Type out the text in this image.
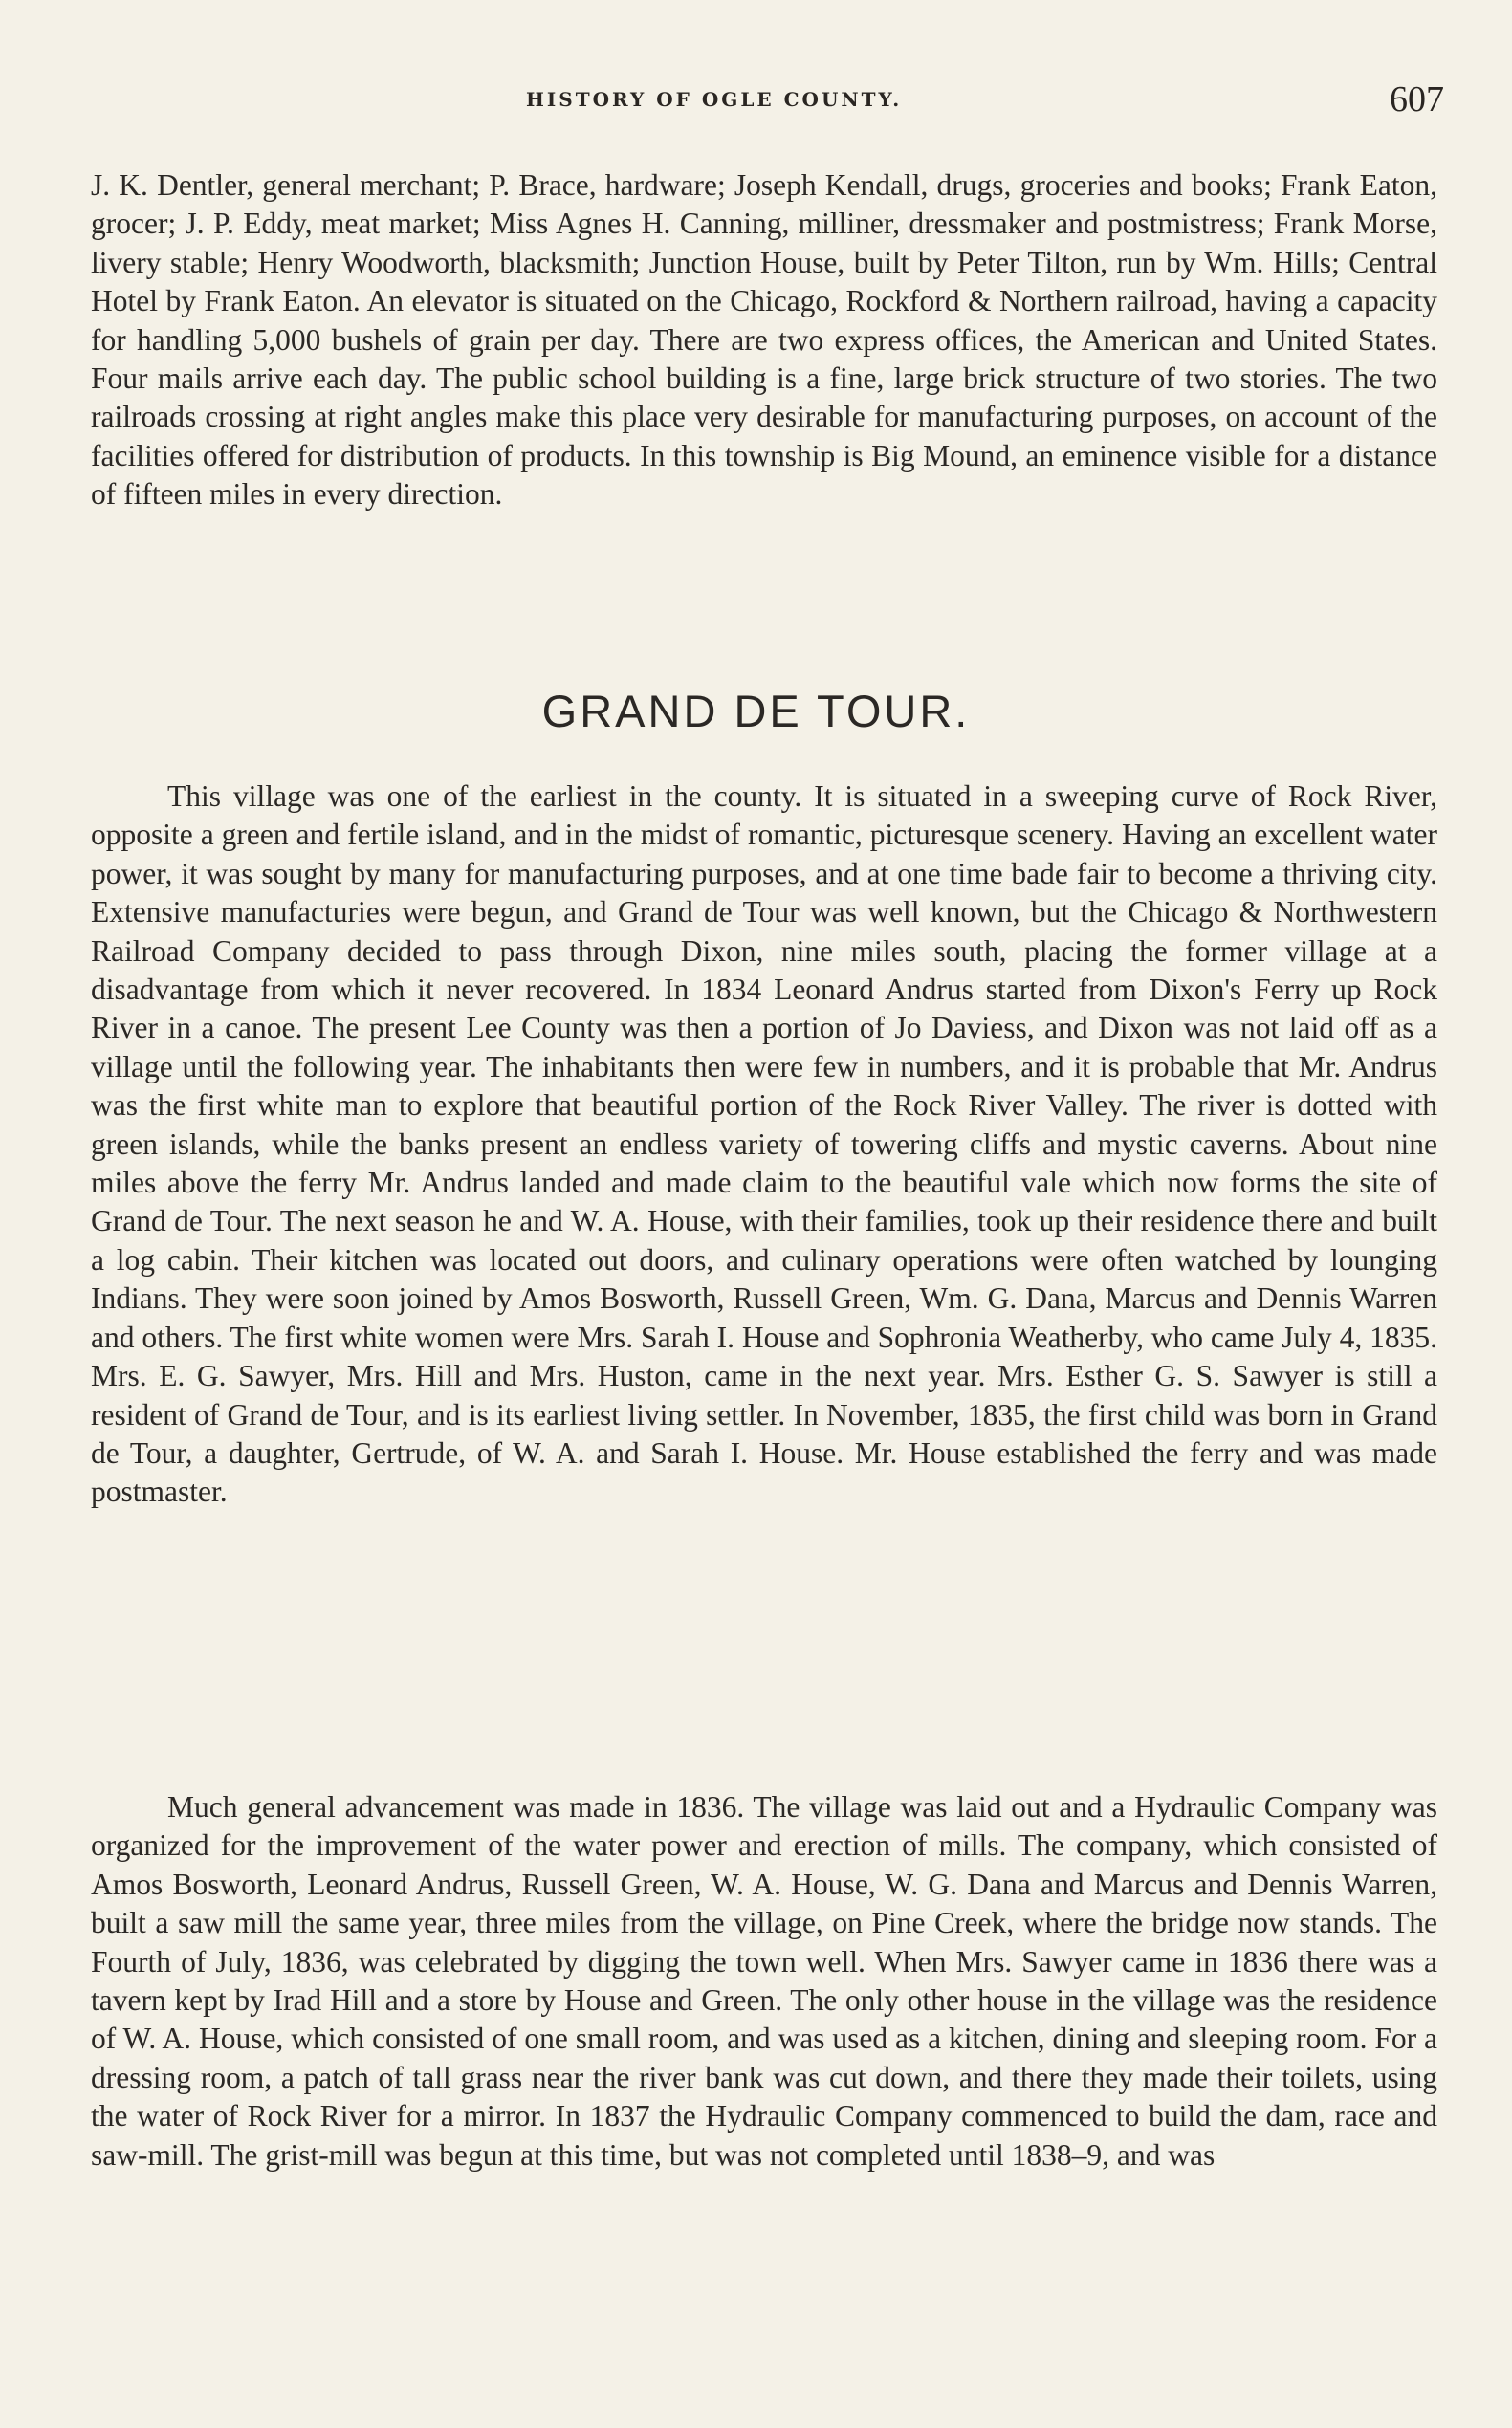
HISTORY OF OGLE COUNTY.	607

J. K. Dentler, general merchant; P. Brace, hardware; Joseph Kendall, drugs, groceries and books; Frank Eaton, grocer; J. P. Eddy, meat market; Miss Agnes H. Canning, milliner, dressmaker and postmistress; Frank Morse, livery stable; Henry Woodworth, blacksmith; Junction House, built by Peter Tilton, run by Wm. Hills; Central Hotel by Frank Eaton. An elevator is situated on the Chicago, Rockford & Northern railroad, having a capacity for handling 5,000 bushels of grain per day. There are two express offices, the American and United States. Four mails arrive each day. The public school building is a fine, large brick structure of two stories. The two railroads crossing at right angles make this place very desirable for manufacturing purposes, on account of the facilities offered for distribution of products. In this township is Big Mound, an eminence visible for a distance of fifteen miles in every direction.

GRAND DE TOUR.

This village was one of the earliest in the county. It is situated in a sweeping curve of Rock River, opposite a green and fertile island, and in the midst of romantic, picturesque scenery. Having an excellent water power, it was sought by many for manufacturing purposes, and at one time bade fair to become a thriving city. Extensive manufacturies were begun, and Grand de Tour was well known, but the Chicago & Northwestern Railroad Company decided to pass through Dixon, nine miles south, placing the former village at a disadvantage from which it never recovered. In 1834 Leonard Andrus started from Dixon's Ferry up Rock River in a canoe. The present Lee County was then a portion of Jo Daviess, and Dixon was not laid off as a village until the following year. The inhabitants then were few in numbers, and it is probable that Mr. Andrus was the first white man to explore that beautiful portion of the Rock River Valley. The river is dotted with green islands, while the banks present an endless variety of towering cliffs and mystic caverns. About nine miles above the ferry Mr. Andrus landed and made claim to the beautiful vale which now forms the site of Grand de Tour. The next season he and W. A. House, with their families, took up their residence there and built a log cabin. Their kitchen was located out doors, and culinary operations were often watched by lounging Indians. They were soon joined by Amos Bosworth, Russell Green, Wm. G. Dana, Marcus and Dennis Warren and others. The first white women were Mrs. Sarah I. House and Sophronia Weatherby, who came July 4, 1835. Mrs. E. G. Sawyer, Mrs. Hill and Mrs. Huston, came in the next year. Mrs. Esther G. S. Sawyer is still a resident of Grand de Tour, and is its earliest living settler. In November, 1835, the first child was born in Grand de Tour, a daughter, Gertrude, of W. A. and Sarah I. House. Mr. House established the ferry and was made postmaster.

Much general advancement was made in 1836. The village was laid out and a Hydraulic Company was organized for the improvement of the water power and erection of mills. The company, which consisted of Amos Bosworth, Leonard Andrus, Russell Green, W. A. House, W. G. Dana and Marcus and Dennis Warren, built a saw mill the same year, three miles from the village, on Pine Creek, where the bridge now stands. The Fourth of July, 1836, was celebrated by digging the town well. When Mrs. Sawyer came in 1836 there was a tavern kept by Irad Hill and a store by House and Green. The only other house in the village was the residence of W. A. House, which consisted of one small room, and was used as a kitchen, dining and sleeping room. For a dressing room, a patch of tall grass near the river bank was cut down, and there they made their toilets, using the water of Rock River for a mirror. In 1837 the Hydraulic Company commenced to build the dam, race and saw-mill. The grist-mill was begun at this time, but was not completed until 1838–9, and was
